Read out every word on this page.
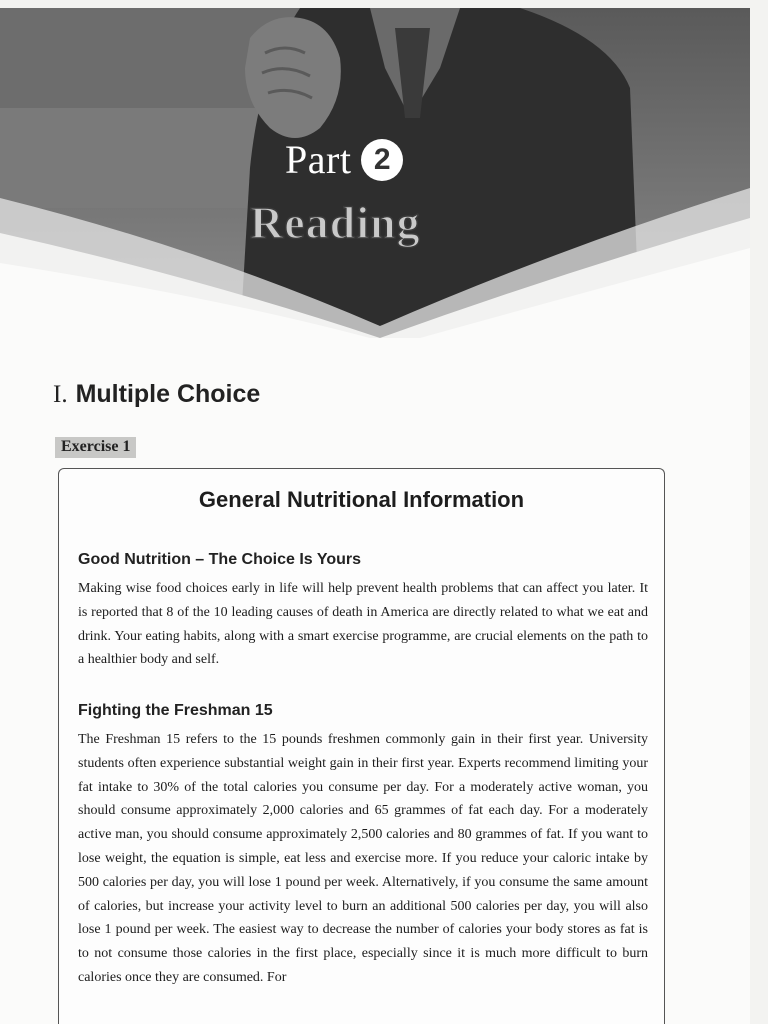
Part 2
Reading
I. Multiple Choice
Exercise 1
General Nutritional Information
Good Nutrition – The Choice Is Yours
Making wise food choices early in life will help prevent health problems that can affect you later. It is reported that 8 of the 10 leading causes of death in America are directly related to what we eat and drink. Your eating habits, along with a smart exercise programme, are crucial elements on the path to a healthier body and self.
Fighting the Freshman 15
The Freshman 15 refers to the 15 pounds freshmen commonly gain in their first year. University students often experience substantial weight gain in their first year. Experts recommend limiting your fat intake to 30% of the total calories you consume per day. For a moderately active woman, you should consume approximately 2,000 calories and 65 grammes of fat each day. For a moderately active man, you should consume approximately 2,500 calories and 80 grammes of fat. If you want to lose weight, the equation is simple, eat less and exercise more. If you reduce your caloric intake by 500 calories per day, you will lose 1 pound per week. Alternatively, if you consume the same amount of calories, but increase your activity level to burn an additional 500 calories per day, you will also lose 1 pound per week. The easiest way to decrease the number of calories your body stores as fat is to not consume those calories in the first place, especially since it is much more difficult to burn calories once they are consumed. For
